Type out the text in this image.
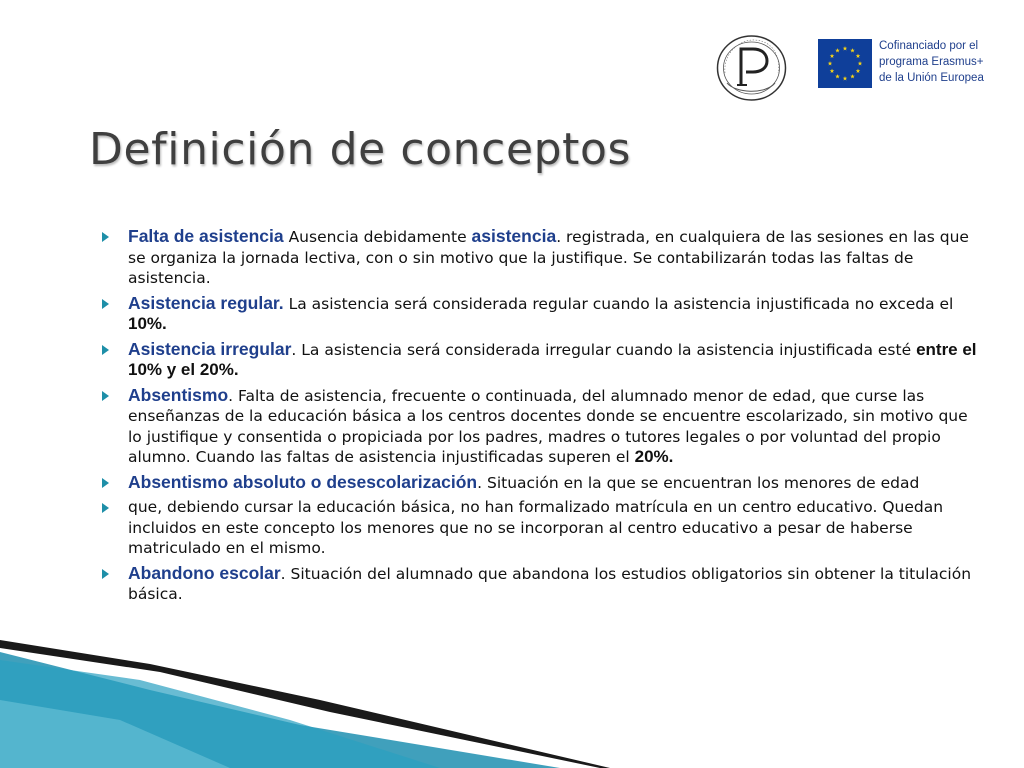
Cofinanciado por el
programa Erasmus+
de la Unión Europea
Definición de conceptos
Falta de asistencia Ausencia debidamente asistencia. registrada, en cualquiera de las sesiones en las que se organiza la jornada lectiva, con o sin motivo que la justifique. Se contabilizarán todas las faltas de asistencia.
Asistencia regular. La asistencia será considerada regular cuando la asistencia injustificada no exceda el 10%.
Asistencia irregular. La asistencia será considerada irregular cuando la asistencia injustificada esté entre el 10% y el 20%.
Absentismo. Falta de asistencia, frecuente o continuada, del alumnado menor de edad, que curse las enseñanzas de la educación básica a los centros docentes donde se encuentre escolarizado, sin motivo que lo justifique y consentida o propiciada por los padres, madres o tutores legales o por voluntad del propio alumno. Cuando las faltas de asistencia injustificadas superen el 20%.
Absentismo absoluto o desescolarización. Situación en la que se encuentran los menores de edad
que, debiendo cursar la educación básica, no han formalizado matrícula en un centro educativo. Quedan incluidos en este concepto los menores que no se incorporan al centro educativo a pesar de haberse matriculado en el mismo.
Abandono escolar. Situación del alumnado que abandona los estudios obligatorios sin obtener la titulación básica.
